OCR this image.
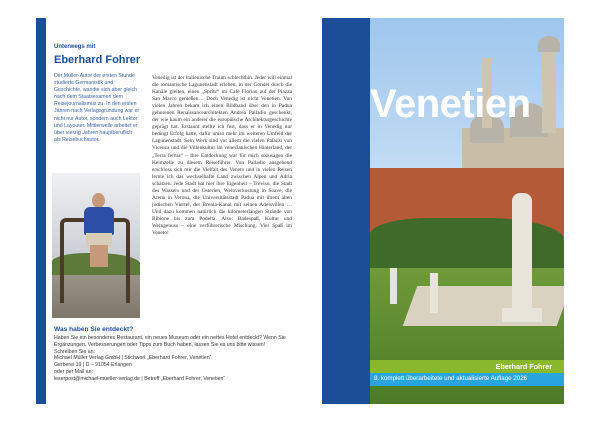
Unterwegs mit
Eberhard Fohrer
Der Müller-Autor der ersten Stunde studierte Germanistik und Geschichte, wandte sich aber gleich nach dem Staatsexamen dem Reisejournalismus zu. In den ersten Jahren nach Verlagsgründung war er nicht nur Autor, sondern auch Lektor und Layouter. Mittlerweile arbeitet er über vierzig Jahren hauptberuflich als Reisebuchautor.
Venedig ist der italienische Traum schlechthin. Jeder will einmal die romantische Lagunenstadt erleben, in der Gondel durch die Kanäle gleiten, einen „Spritz“ im Café Florian auf der Piazza San Marco genießen… Doch Venedig ist nicht Venetien. Von vielen Jahren bekam ich einen Bildband über den in Padua geborenen Renaissancearchitekten Andrea Palladio geschenkt, der wie kaum ein anderer die europäische Architekturgeschichte geprägt hat. Erstaunt stellte ich fest, dass er in Venedig nur bedingt Erfolg hatte, dafür umso mehr im weiteren Umfeld der Lagunenstadt. Sein Werk sind vor allem die vielen Palazzi von Vicenza und die Villenkultur im venezianischen Hinterland, der „Terra ferma“ – Ihre Entdeckung war für mich sozusagen die Keimzelle zu diesem Reiseführer. Von Palladio ausgehend erschloss sich mir die Vielfalt des Veneto und in vielen Reisen lernte ich das wechselhafte Land zwischen Alpen und Adria schätzen. Jede Stadt hat hier ihre Eigenheit – Treviso, die Stadt des Wassers und der Osterien, Weinverkostung in Soave, die Arena in Verona, die Universitätsstadt Padua mit ihrem alten jüdischen Viertel, der Brenta-Kanal mit seinen Adelsvillen … Und dazu kommen natürlich die kilometerlangen Strände von Bibione bis zum Podelta. Also: Badespaß, Kultur und Weingenuss – eine verführerische Mischung. Viel Spaß im Veneto!
Was haben Sie entdeckt?
Haben Sie ein besonderes Restaurant, ein neues Museum oder ein nettes Hotel entdeckt? Wenn Sie Ergänzungen, Verbesserungen oder Tipps zum Buch haben, lassen Sie es uns bitte wissen!
Schreiben Sie an:
Michael Müller Verlag GmbH | Stichwort „Eberhard Fohrer, Venetien“
Gerberei 19 | D – 91054 Erlangen
oder per Mail an:
leserpost@michael-mueller-verlag.de | Betreff „Eberhard Fohrer, Venetien“
Venetien
Eberhard Fohrer
8. komplett überarbeitete und aktualisierte Auflage 2026
